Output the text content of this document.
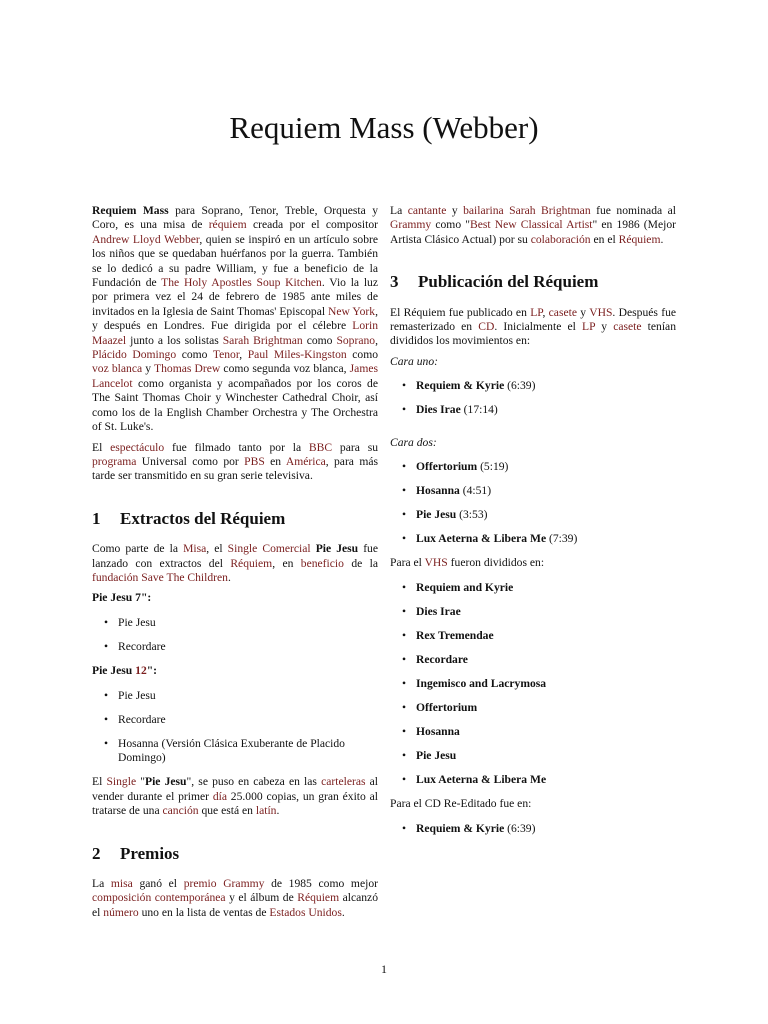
Requiem Mass (Webber)

Requiem Mass para Soprano, Tenor, Treble, Orquesta y Coro, es una misa de réquiem creada por el compositor Andrew Lloyd Webber, quien se inspiró en un artículo sobre los niños que se quedaban huérfanos por la guerra. También se lo dedicó a su padre William, y fue a beneficio de la Fundación de The Holy Apostles Soup Kitchen. Vio la luz por primera vez el 24 de febrero de 1985 ante miles de invitados en la Iglesia de Saint Thomas' Episcopal New York, y después en Londres. Fue dirigida por el célebre Lorin Maazel junto a los solistas Sarah Brightman como Soprano, Plácido Domingo como Tenor, Paul Miles-Kingston como voz blanca y Thomas Drew como segunda voz blanca, James Lancelot como organista y acompañados por los coros de The Saint Thomas Choir y Winchester Cathedral Choir, así como los de la English Chamber Orchestra y The Orchestra of St. Luke's.

El espectáculo fue filmado tanto por la BBC para su programa Universal como por PBS en América, para más tarde ser transmitido en su gran serie televisiva.

1 Extractos del Réquiem

Como parte de la Misa, el Single Comercial Pie Jesu fue lanzado con extractos del Réquiem, en beneficio de la fundación Save The Children.

Pie Jesu 7":

• Pie Jesu
• Recordare

Pie Jesu 12":

• Pie Jesu
• Recordare
• Hosanna (Versión Clásica Exuberante de Placido Domingo)

El Single "Pie Jesu", se puso en cabeza en las carteleras al vender durante el primer día 25.000 copias, un gran éxito al tratarse de una canción que está en latín.

2 Premios

La misa ganó el premio Grammy de 1985 como mejor composición contemporánea y el álbum de Réquiem alcanzó el número uno en la lista de ventas de Estados Unidos.

La cantante y bailarina Sarah Brightman fue nominada al Grammy como "Best New Classical Artist" en 1986 (Mejor Artista Clásico Actual) por su colaboración en el Réquiem.

3 Publicación del Réquiem

El Réquiem fue publicado en LP, casete y VHS. Después fue remasterizado en CD. Inicialmente el LP y casete tenían divididos los movimientos en:

Cara uno:

• Requiem & Kyrie (6:39)
• Dies Irae (17:14)

Cara dos:

• Offertorium (5:19)
• Hosanna (4:51)
• Pie Jesu (3:53)
• Lux Aeterna & Libera Me (7:39)

Para el VHS fueron divididos en:

• Requiem and Kyrie
• Dies Irae
• Rex Tremendae
• Recordare
• Ingemisco and Lacrymosa
• Offertorium
• Hosanna
• Pie Jesu
• Lux Aeterna & Libera Me

Para el CD Re-Editado fue en:

• Requiem & Kyrie (6:39)
1
